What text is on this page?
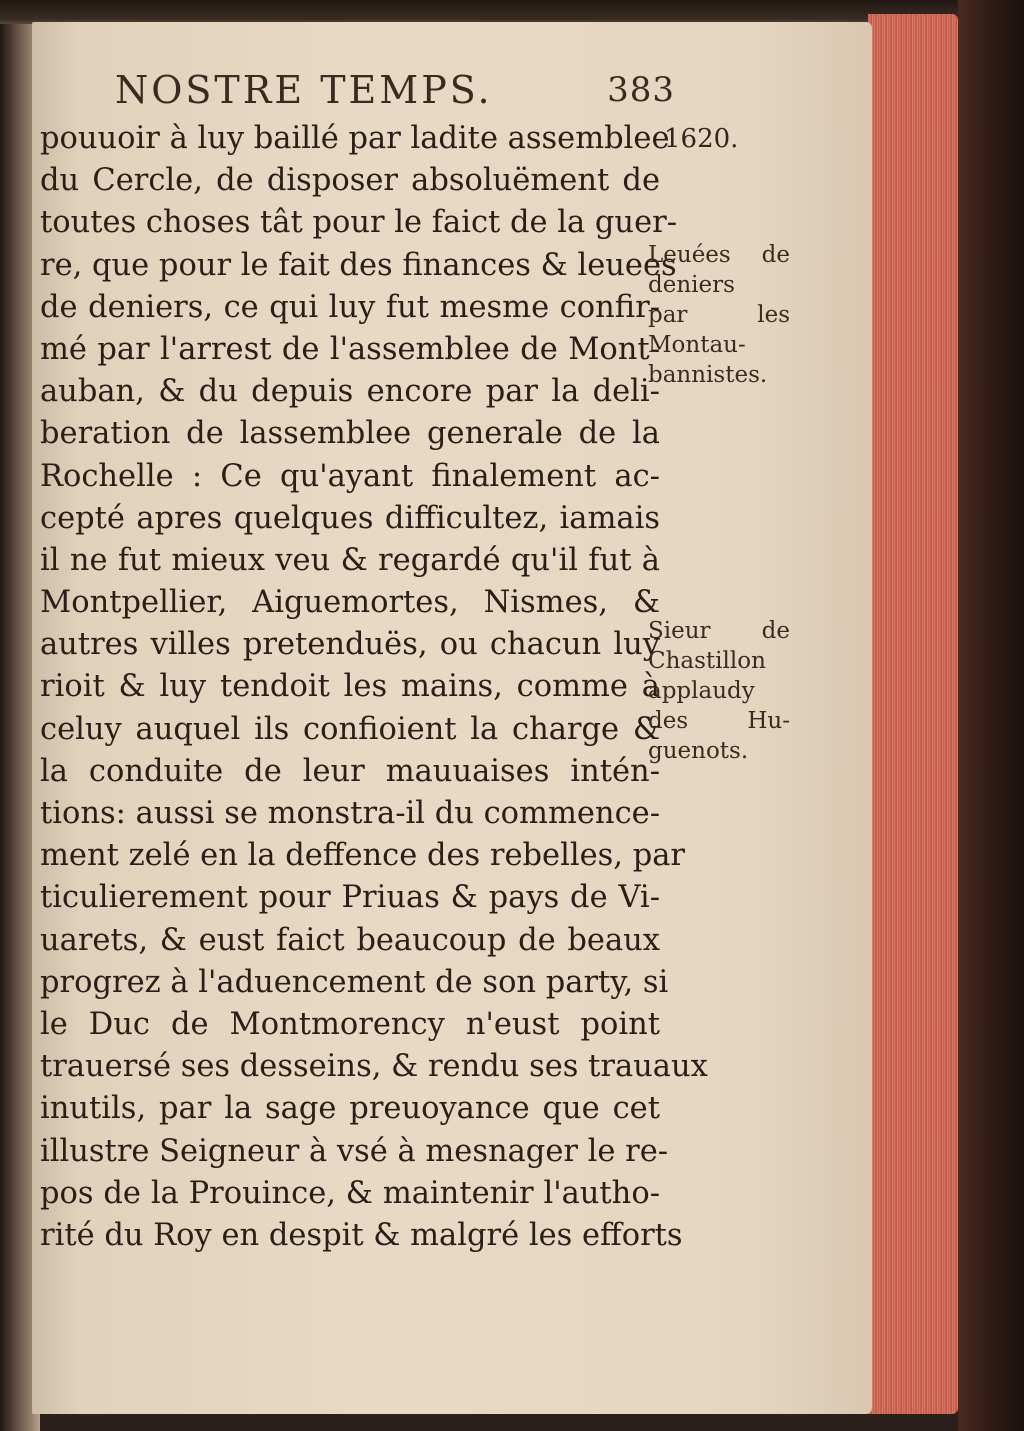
NOSTRE TEMPS.	383
1620.
pouuoir à luy baillé par ladite assemblee
du Cercle, de disposer absoluëment de
toutes choses tât pour le faict de la guer-
re, que pour le fait des finances & leuees
de deniers, ce qui luy fut mesme confir-
mé par l'arrest de l'assemblee de Mont-
auban, & du depuis encore par la deli-
beration de lassemblee generale de la
Rochelle : Ce qu'ayant finalement ac-
cepté apres quelques difficultez, iamais
il ne fut mieux veu & regardé qu'il fut à
Montpellier, Aiguemortes, Nismes, &
autres villes pretenduës, ou chacun luy
rioit & luy tendoit les mains, comme à
celuy auquel ils confioient la charge &
la conduite de leur mauuaises intén-
tions: aussi se monstra-il du commence-
ment zelé en la deffence des rebelles, par
ticulierement pour Priuas & pays de Vi-
uarets, & eust faict beaucoup de beaux
progrez à l'aduencement de son party, si
le Duc de Montmorency n'eust point
trauersé ses desseins, & rendu ses trauaux
inutils, par la sage preuoyance que cet
illustre Seigneur à vsé à mesnager le re-
pos de la Prouince, & maintenir l'autho-
rité du Roy en despit & malgré les efforts
Leuées de
deniers
par les
Montau-
bannistes.
Sieur de
Chastillon
applaudy
des Hu-
guenots.
